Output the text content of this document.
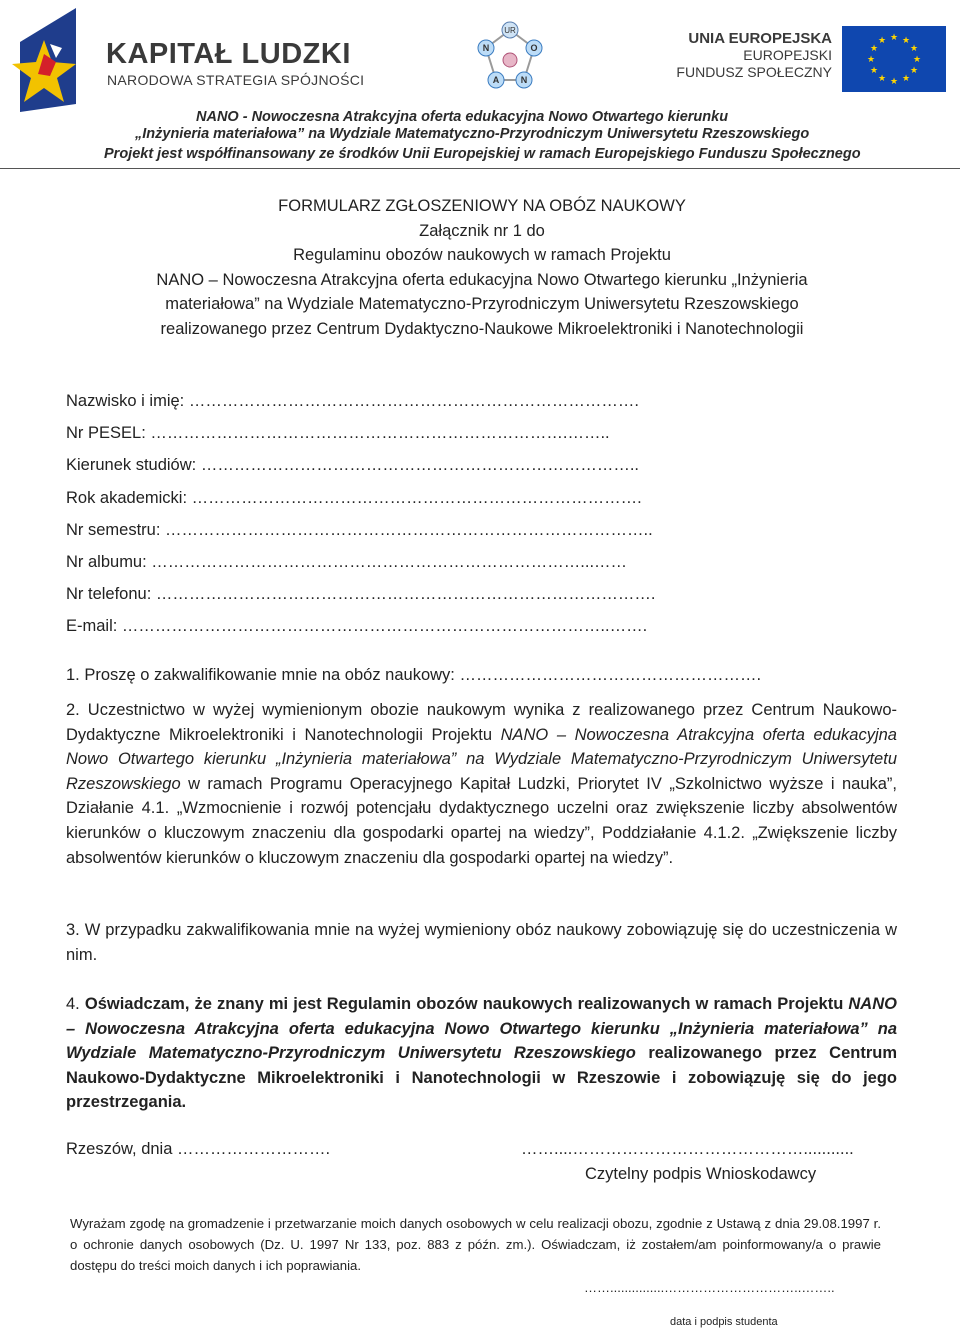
KAPITAŁ LUDZKI
NARODOWA STRATEGIA SPÓJNOŚCI
UR
N	O
A N
UNIA EUROPEJSKA
EUROPEJSKI
FUNDUSZ SPOŁECZNY
★ ★
★
★
★
★
★
★
★
★
★
★
NANO - Nowoczesna Atrakcyjna oferta edukacyjna Nowo Otwartego kierunku
„Inżynieria materiałowa” na Wydziale Matematyczno-Przyrodniczym Uniwersytetu Rzeszowskiego
Projekt jest współfinansowany ze środków Unii Europejskiej w ramach Europejskiego Funduszu Społecznego
FORMULARZ ZGŁOSZENIOWY NA OBÓZ NAUKOWY
Załącznik nr 1 do
Regulaminu obozów naukowych w ramach Projektu
NANO – Nowoczesna Atrakcyjna oferta edukacyjna Nowo Otwartego kierunku „Inżynieria
materiałowa” na Wydziale Matematyczno-Przyrodniczym Uniwersytetu Rzeszowskiego
realizowanego przez Centrum Dydaktyczno-Naukowe Mikroelektroniki i Nanotechnologii
Nazwisko i imię: ……………………………………………………………………….
Nr PESEL: ………………………………………………………………….……..
Kierunek studiów: ……………………………………………………………………..
Rok akademicki: ……………………………………………………………………….
Nr semestru: ……………………………………………………………………………..
Nr albumu: ……………………………………………………………………...……
Nr telefonu: ……………………………………………………………………………….
E-mail: ……………………………………………………………………………..…….
1. Proszę o zakwalifikowanie mnie na obóz naukowy: ……………………………………………….
2. Uczestnictwo w wyżej wymienionym obozie naukowym wynika z realizowanego przez Centrum Naukowo-Dydaktyczne Mikroelektroniki i Nanotechnologii Projektu NANO – Nowoczesna Atrakcyjna oferta edukacyjna Nowo Otwartego kierunku „Inżynieria materiałowa” na Wydziale Matematyczno-Przyrodniczym Uniwersytetu Rzeszowskiego w ramach Programu Operacyjnego Kapitał Ludzki, Priorytet IV „Szkolnictwo wyższe i nauka”, Działanie 4.1. „Wzmocnienie i rozwój potencjału dydaktycznego uczelni oraz zwiększenie liczby absolwentów kierunków o kluczowym znaczeniu dla gospodarki opartej na wiedzy”, Poddziałanie 4.1.2. „Zwiększenie liczby absolwentów kierunków o kluczowym znaczeniu dla gospodarki opartej na wiedzy”.
3. W przypadku zakwalifikowania mnie na wyżej wymieniony obóz naukowy zobowiązuję się do uczestniczenia w nim.
4. Oświadczam, że znany mi jest Regulamin obozów naukowych realizowanych w ramach Projektu NANO – Nowoczesna Atrakcyjna oferta edukacyjna Nowo Otwartego kierunku „Inżynieria materiałowa” na Wydziale Matematyczno-Przyrodniczym Uniwersytetu Rzeszowskiego realizowanego przez Centrum Naukowo-Dydaktyczne Mikroelektroniki i Nanotechnologii w Rzeszowie i zobowiązuję się do jego przestrzegania.
Rzeszów, dnia ……………………….	……....……………………………………...........
Czytelny podpis Wnioskodawcy
Wyrażam zgodę na gromadzenie i przetwarzanie moich danych osobowych w celu realizacji obozu, zgodnie z Ustawą z dnia 29.08.1997 r. o ochronie danych osobowych (Dz. U. 1997 Nr 133, poz. 883 z późn. zm.). Oświadczam, iż zostałem/am poinformowany/a o prawie dostępu do treści moich danych i ich poprawiania.
……...............…………………………..……..
data i podpis studenta
